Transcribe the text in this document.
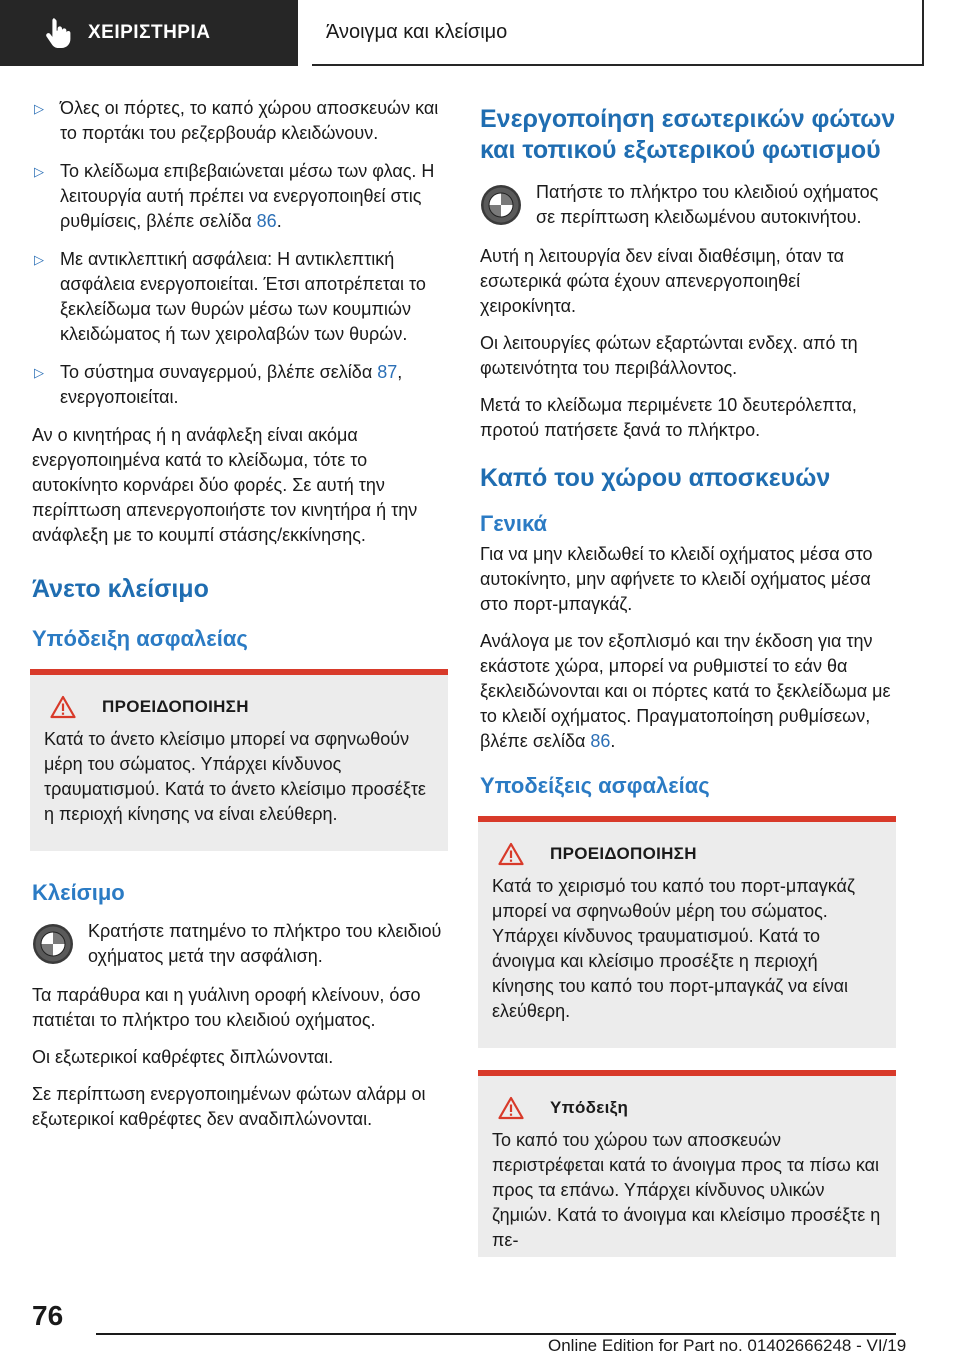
ΧΕΙΡΙΣΤΗΡΙΑ	Άνοιγμα και κλείσιμο
▷ Όλες οι πόρτες, το καπό χώρου αποσκευών και το πορτάκι του ρεζερβουάρ κλειδώνουν.
▷ Το κλείδωμα επιβεβαιώνεται μέσω των φλας. Η λειτουργία αυτή πρέπει να ενεργοποιηθεί στις ρυθμίσεις, βλέπε σελίδα 86.
▷ Με αντικλεπτική ασφάλεια: Η αντικλεπτική ασφάλεια ενεργοποιείται. Έτσι αποτρέπεται το ξεκλείδωμα των θυρών μέσω των κουμπιών κλειδώματος ή των χειρολαβών των θυρών.
▷ Το σύστημα συναγερμού, βλέπε σελίδα 87, ενεργοποιείται.

Αν ο κινητήρας ή η ανάφλεξη είναι ακόμα ενεργοποιημένα κατά το κλείδωμα, τότε το αυτοκίνητο κορνάρει δύο φορές. Σε αυτή την περίπτωση απενεργοποιήστε τον κινητήρα ή την ανάφλεξη με το κουμπί στάσης/εκκίνησης.

Άνετο κλείσιμο
Υπόδειξη ασφαλείας
ΠΡΟΕΙΔΟΠΟΙΗΣΗ
Κατά το άνετο κλείσιμο μπορεί να σφηνωθούν μέρη του σώματος. Υπάρχει κίνδυνος τραυματισμού. Κατά το άνετο κλείσιμο προσέξτε η περιοχή κίνησης να είναι ελεύθερη.
Κλείσιμο
Κρατήστε πατημένο το πλήκτρο του κλειδιού οχήματος μετά την ασφάλιση.

Τα παράθυρα και η γυάλινη οροφή κλείνουν, όσο πατιέται το πλήκτρο του κλειδιού οχήματος.

Οι εξωτερικοί καθρέφτες διπλώνονται.

Σε περίπτωση ενεργοποιημένων φώτων αλάρμ οι εξωτερικοί καθρέφτες δεν αναδιπλώνονται.

Ενεργοποίηση εσωτερικών φώτων και τοπικού εξωτερικού φωτισμού
Πατήστε το πλήκτρο του κλειδιού οχήματος σε περίπτωση κλειδωμένου αυτοκινήτου.

Αυτή η λειτουργία δεν είναι διαθέσιμη, όταν τα εσωτερικά φώτα έχουν απενεργοποιηθεί χειροκίνητα.

Οι λειτουργίες φώτων εξαρτώνται ενδεχ. από τη φωτεινότητα του περιβάλλοντος.

Μετά το κλείδωμα περιμένετε 10 δευτερόλεπτα, προτού πατήσετε ξανά το πλήκτρο.

Καπό του χώρου αποσκευών
Γενικά

Για να μην κλειδωθεί το κλειδί οχήματος μέσα στο αυτοκίνητο, μην αφήνετε το κλειδί οχήματος μέσα στο πορτ-μπαγκάζ.

Ανάλογα με τον εξοπλισμό και την έκδοση για την εκάστοτε χώρα, μπορεί να ρυθμιστεί το εάν θα ξεκλειδώνονται και οι πόρτες κατά το ξεκλείδωμα με το κλειδί οχήματος. Πραγματοποίηση ρυθμίσεων, βλέπε σελίδα 86.

Υποδείξεις ασφαλείας
ΠΡΟΕΙΔΟΠΟΙΗΣΗ
Κατά το χειρισμό του καπό του πορτ-μπαγκάζ μπορεί να σφηνωθούν μέρη του σώματος. Υπάρχει κίνδυνος τραυματισμού. Κατά το άνοιγμα και κλείσιμο προσέξτε η περιοχή κίνησης του καπό του πορτ-μπαγκάζ να είναι ελεύθερη.
Υπόδειξη
Το καπό του χώρου των αποσκευών περιστρέφεται κατά το άνοιγμα προς τα πίσω και προς τα επάνω. Υπάρχει κίνδυνος υλικών ζημιών. Κατά το άνοιγμα και κλείσιμο προσέξτε η πε-
76
Online Edition for Part no. 01402666248 - VI/19
